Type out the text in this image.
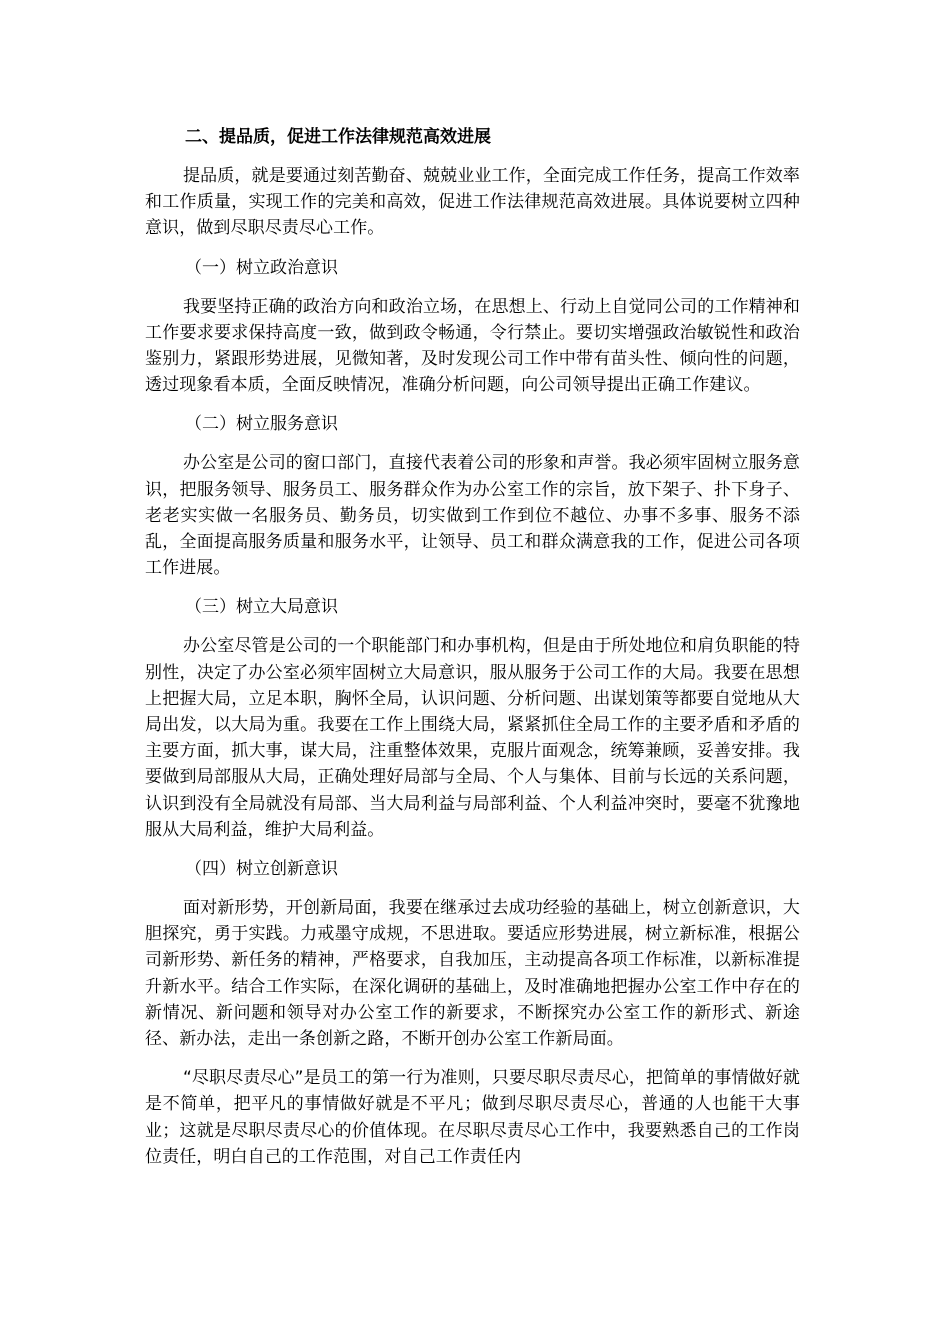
二、提品质，促进工作法律规范高效进展

提品质，就是要通过刻苦勤奋、兢兢业业工作，全面完成工作任务，提高工作效率和工作质量，实现工作的完美和高效，促进工作法律规范高效进展。具体说要树立四种意识，做到尽职尽责尽心工作。

（一）树立政治意识

我要坚持正确的政治方向和政治立场，在思想上、行动上自觉同公司的工作精神和工作要求要求保持高度一致，做到政令畅通，令行禁止。要切实增强政治敏锐性和政治鉴别力，紧跟形势进展，见微知著，及时发现公司工作中带有苗头性、倾向性的问题，透过现象看本质，全面反映情况，准确分析问题，向公司领导提出正确工作建议。

（二）树立服务意识

办公室是公司的窗口部门，直接代表着公司的形象和声誉。我必须牢固树立服务意识，把服务领导、服务员工、服务群众作为办公室工作的宗旨，放下架子、扑下身子、老老实实做一名服务员、勤务员，切实做到工作到位不越位、办事不多事、服务不添乱，全面提高服务质量和服务水平，让领导、员工和群众满意我的工作，促进公司各项工作进展。

（三）树立大局意识

办公室尽管是公司的一个职能部门和办事机构，但是由于所处地位和肩负职能的特别性，决定了办公室必须牢固树立大局意识，服从服务于公司工作的大局。我要在思想上把握大局，立足本职，胸怀全局，认识问题、分析问题、出谋划策等都要自觉地从大局出发，以大局为重。我要在工作上围绕大局，紧紧抓住全局工作的主要矛盾和矛盾的主要方面，抓大事，谋大局，注重整体效果，克服片面观念，统筹兼顾，妥善安排。我要做到局部服从大局，正确处理好局部与全局、个人与集体、目前与长远的关系问题，认识到没有全局就没有局部、当大局利益与局部利益、个人利益冲突时，要毫不犹豫地服从大局利益，维护大局利益。

（四）树立创新意识

面对新形势，开创新局面，我要在继承过去成功经验的基础上，树立创新意识，大胆探究，勇于实践。力戒墨守成规，不思进取。要适应形势进展，树立新标准，根据公司新形势、新任务的精神，严格要求，自我加压，主动提高各项工作标准，以新标准提升新水平。结合工作实际，在深化调研的基础上，及时准确地把握办公室工作中存在的新情况、新问题和领导对办公室工作的新要求，不断探究办公室工作的新形式、新途径、新办法，走出一条创新之路，不断开创办公室工作新局面。

“尽职尽责尽心”是员工的第一行为准则，只要尽职尽责尽心，把简单的事情做好就是不简单，把平凡的事情做好就是不平凡；做到尽职尽责尽心，普通的人也能干大事业；这就是尽职尽责尽心的价值体现。在尽职尽责尽心工作中，我要熟悉自己的工作岗位责任，明白自己的工作范围，对自己工作责任内
